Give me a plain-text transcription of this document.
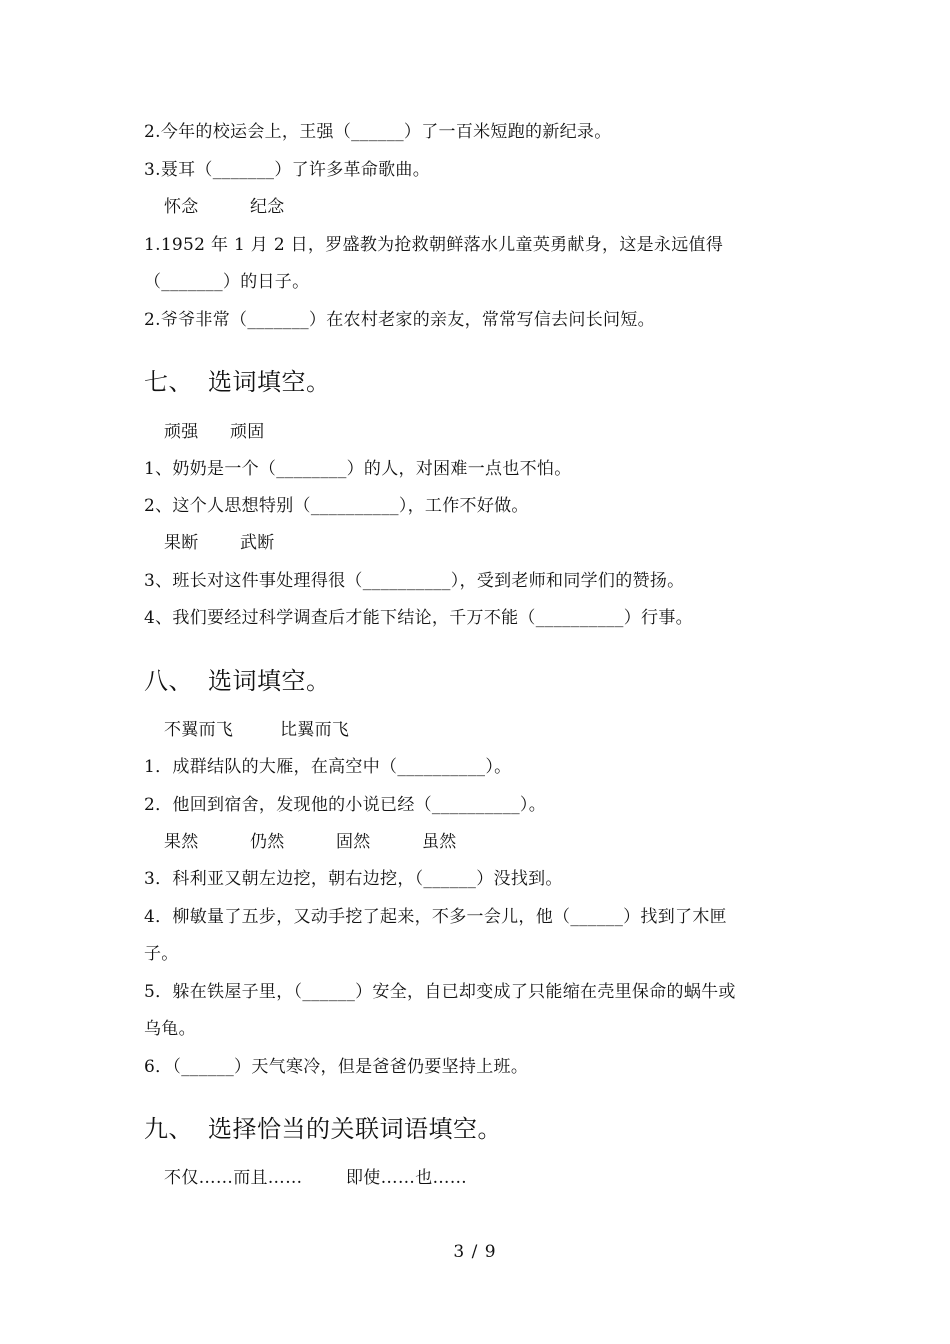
2.今年的校运会上，王强（______）了一百米短跑的新纪录。
3.聂耳（_______）了许多革命歌曲。
怀念	纪念
1.1952 年 1 月 2 日，罗盛教为抢救朝鲜落水儿童英勇献身，这是永远值得
（_______）的日子。
2.爷爷非常（_______）在农村老家的亲友，常常写信去问长问短。
七、 选词填空。
顽强 顽固
1、奶奶是一个（________）的人，对困难一点也不怕。
2、这个人思想特别（__________），工作不好做。
果断 武断
3、班长对这件事处理得很（__________），受到老师和同学们的赞扬。
4、我们要经过科学调查后才能下结论，千万不能（__________）行事。
八、 选词填空。
不翼而飞	比翼而飞
1．成群结队的大雁，在高空中（__________）。
2．他回到宿舍，发现他的小说已经（__________）。
果然	仍然	固然	虽然
3．科利亚又朝左边挖，朝右边挖，（______）没找到。
4．柳敏量了五步，又动手挖了起来，不多一会儿，他（______）找到了木匣
子。
5．躲在铁屋子里，（______）安全，自已却变成了只能缩在壳里保命的蜗牛或
乌龟。
6．（______）天气寒冷，但是爸爸仍要坚持上班。
九、 选择恰当的关联词语填空。
不仅……而且……	即使……也……
3 / 9
